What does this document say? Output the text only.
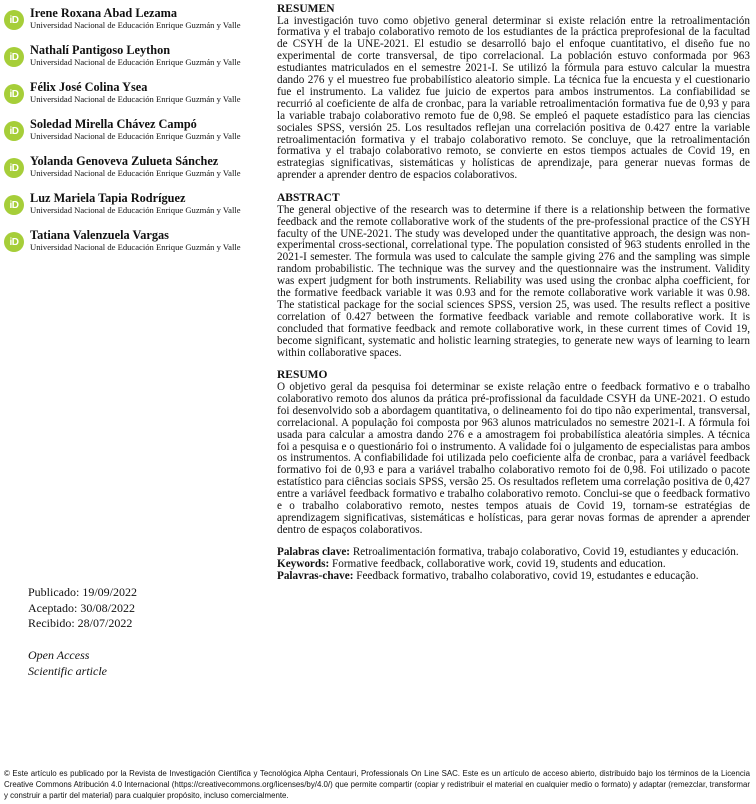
iD Irene Roxana Abad Lezama
Universidad Nacional de Educación Enrique Guzmán y Valle
iD Nathalí Pantigoso Leython
Universidad Nacional de Educación Enrique Guzmán y Valle
iD Félix José Colina Ysea
Universidad Nacional de Educación Enrique Guzmán y Valle
iD Soledad Mirella Chávez Campó
Universidad Nacional de Educación Enrique Guzmán y Valle
iD Yolanda Genoveva Zulueta Sánchez
Universidad Nacional de Educación Enrique Guzmán y Valle
iD Luz Mariela Tapia Rodríguez
Universidad Nacional de Educación Enrique Guzmán y Valle
iD Tatiana Valenzuela Vargas
Universidad Nacional de Educación Enrique Guzmán y Valle
Publicado: 19/09/2022
Aceptado: 30/08/2022
Recibido: 28/07/2022
Open Access
Scientific article
RESUMEN

La investigación tuvo como objetivo general determinar si existe relación entre la retroalimentación formativa y el trabajo colaborativo remoto de los estudiantes de la práctica preprofesional de la facultad de CSYH de la UNE-2021. El estudio se desarrolló bajo el enfoque cuantitativo, el diseño fue no experimental de corte transversal, de tipo correlacional. La población estuvo conformada por 963 estudiantes matriculados en el semestre 2021-I. Se utilizó la fórmula para estuvo calcular la muestra dando 276 y el muestreo fue probabilístico aleatorio simple. La técnica fue la encuesta y el cuestionario fue el instrumento. La validez fue juicio de expertos para ambos instrumentos. La confiabilidad se recurrió al coeficiente de alfa de cronbac, para la variable retroalimentación formativa fue de 0,93 y para la variable trabajo colaborativo remoto fue de 0,98. Se empleó el paquete estadístico para las ciencias sociales SPSS, versión 25. Los resultados reflejan una correlación positiva de 0.427 entre la variable retroalimentación formativa y el trabajo colaborativo remoto. Se concluye, que la retroalimentación formativa y el trabajo colaborativo remoto, se convierte en estos tiempos actuales de Covid 19, en estrategias significativas, sistemáticas y holísticas de aprendizaje, para generar nuevas formas de aprender a aprender dentro de espacios colaborativos.

ABSTRACT

The general objective of the research was to determine if there is a relationship between the formative feedback and the remote collaborative work of the students of the pre-professional practice of the CSYH faculty of the UNE-2021. The study was developed under the quantitative approach, the design was non-experimental cross-sectional, correlational type. The population consisted of 963 students enrolled in the 2021-I semester. The formula was used to calculate the sample giving 276 and the sampling was simple random probabilistic. The technique was the survey and the questionnaire was the instrument. Validity was expert judgment for both instruments. Reliability was used using the cronbac alpha coefficient, for the formative feedback variable it was 0.93 and for the remote collaborative work variable it was 0.98. The statistical package for the social sciences SPSS, version 25, was used. The results reflect a positive correlation of 0.427 between the formative feedback variable and remote collaborative work. It is concluded that formative feedback and remote collaborative work, in these current times of Covid 19, become significant, systematic and holistic learning strategies, to generate new ways of learning to learn within collaborative spaces.

RESUMO

O objetivo geral da pesquisa foi determinar se existe relação entre o feedback formativo e o trabalho colaborativo remoto dos alunos da prática pré-profissional da faculdade CSYH da UNE-2021. O estudo foi desenvolvido sob a abordagem quantitativa, o delineamento foi do tipo não experimental, transversal, correlacional. A população foi composta por 963 alunos matriculados no semestre 2021-I. A fórmula foi usada para calcular a amostra dando 276 e a amostragem foi probabilística aleatória simples. A técnica foi a pesquisa e o questionário foi o instrumento. A validade foi o julgamento de especialistas para ambos os instrumentos. A confiabilidade foi utilizada pelo coeficiente alfa de cronbac, para a variável feedback formativo foi de 0,93 e para a variável trabalho colaborativo remoto foi de 0,98. Foi utilizado o pacote estatístico para ciências sociais SPSS, versão 25. Os resultados refletem uma correlação positiva de 0,427 entre a variável feedback formativo e trabalho colaborativo remoto. Conclui-se que o feedback formativo e o trabalho colaborativo remoto, nestes tempos atuais de Covid 19, tornam-se estratégias de aprendizagem significativas, sistemáticas e holísticas, para gerar novas formas de aprender a aprender dentro de espaços colaborativos.

Palabras clave: Retroalimentación formativa, trabajo colaborativo, Covid 19, estudiantes y educación.

Keywords: Formative feedback, collaborative work, covid 19, students and education.

Palavras-chave: Feedback formativo, trabalho colaborativo, covid 19, estudantes e educação.

© Este artículo es publicado por la Revista de Investigación Científica y Tecnológica Alpha Centauri, Professionals On Line SAC. Este es un artículo de acceso abierto, distribuido bajo los términos de la Licencia Creative Commons Atribución 4.0 Internacional (https://creativecommons.org/licenses/by/4.0/) que permite compartir (copiar y redistribuir el material en cualquier medio o formato) y adaptar (remezclar, transformar y construir a partir del material) para cualquier propósito, incluso comercialmente.
